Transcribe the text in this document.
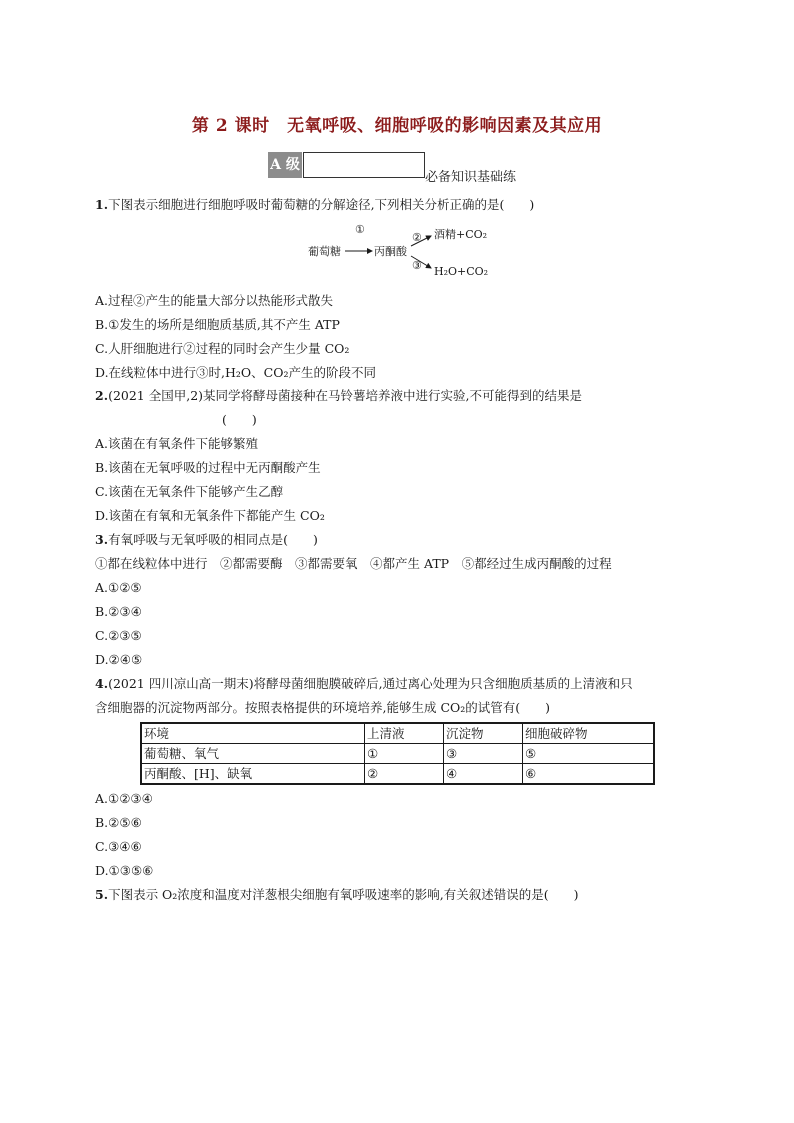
第 2 课时　无氧呼吸、细胞呼吸的影响因素及其应用
A 级
必备知识基础练
1.下图表示细胞进行细胞呼吸时葡萄糖的分解途径,下列相关分析正确的是(　　)
葡萄糖
①
丙酮酸
② 酒精+CO₂
③ H₂O+CO₂
A.过程②产生的能量大部分以热能形式散失
B.①发生的场所是细胞质基质,其不产生 ATP
C.人肝细胞进行②过程的同时会产生少量 CO₂
D.在线粒体中进行③时,H₂O、CO₂产生的阶段不同
2.(2021 全国甲,2)某同学将酵母菌接种在马铃薯培养液中进行实验,不可能得到的结果是
(　　)
A.该菌在有氧条件下能够繁殖
B.该菌在无氧呼吸的过程中无丙酮酸产生
C.该菌在无氧条件下能够产生乙醇
D.该菌在有氧和无氧条件下都能产生 CO₂
3.有氧呼吸与无氧呼吸的相同点是(　　)
①都在线粒体中进行　②都需要酶　③都需要氧　④都产生 ATP　⑤都经过生成丙酮酸的过程
A.①②⑤
B.②③④
C.②③⑤
D.②④⑤
4.(2021 四川凉山高一期末)将酵母菌细胞膜破碎后,通过离心处理为只含细胞质基质的上清液和只
含细胞器的沉淀物两部分。按照表格提供的环境培养,能够生成 CO₂的试管有(　　)
环境	上清液	沉淀物	细胞破碎物
葡萄糖、氧气	①	③	⑤
丙酮酸、[H]、缺氧	②	④	⑥
A.①②③④
B.②⑤⑥
C.③④⑥
D.①③⑤⑥
5.下图表示 O₂浓度和温度对洋葱根尖细胞有氧呼吸速率的影响,有关叙述错误的是(　　)
